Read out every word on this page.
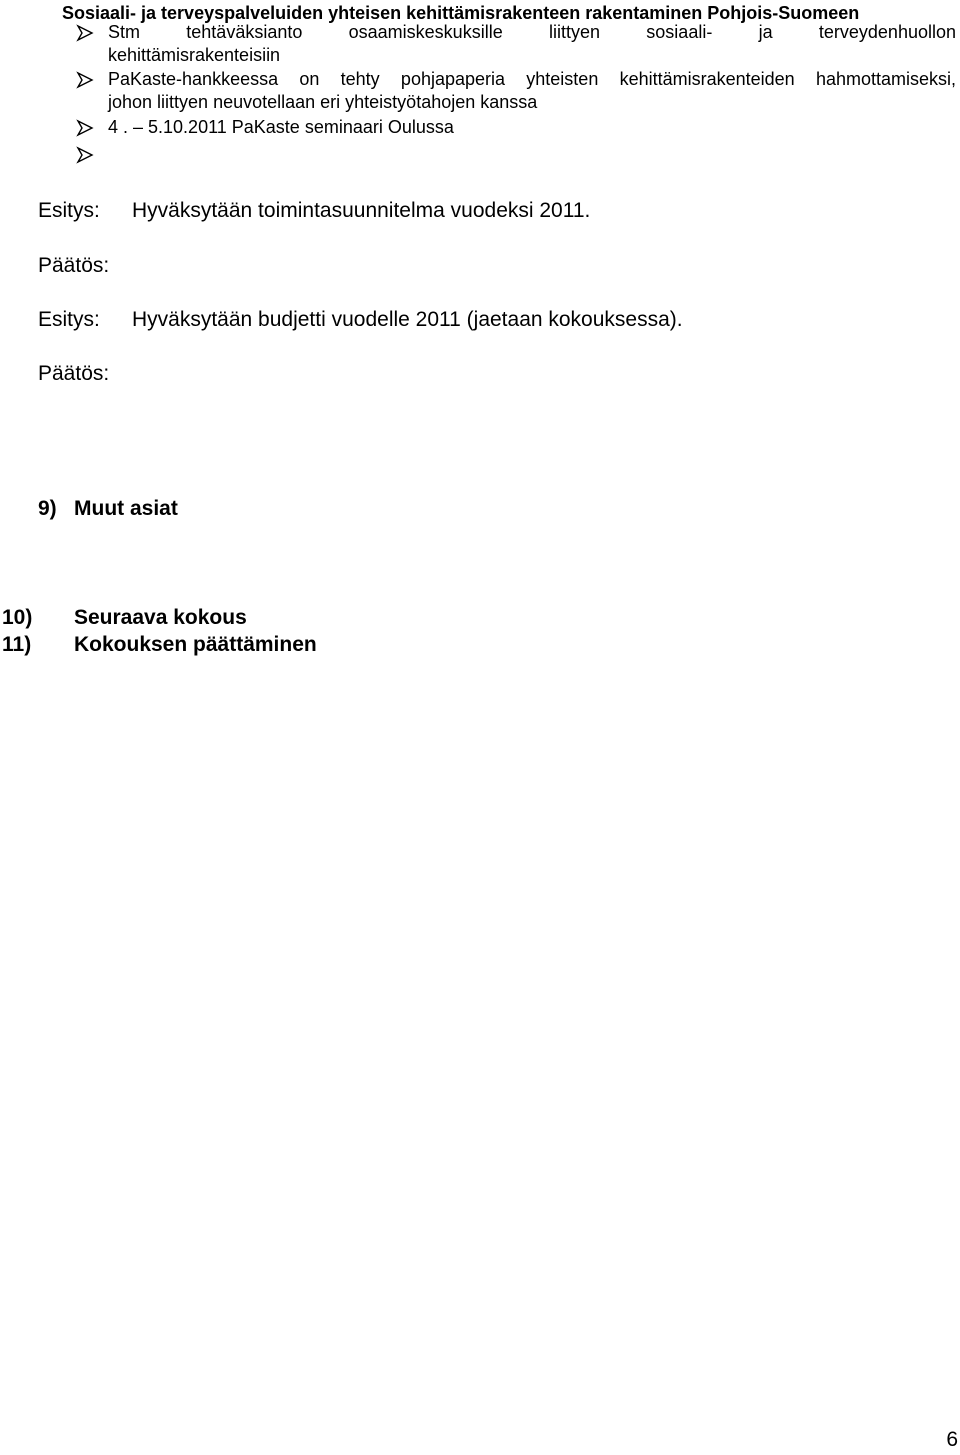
Sosiaali- ja terveyspalveluiden yhteisen kehittämisrakenteen rakentaminen Pohjois-Suomeen
Stm tehtäväksianto osaamiskeskuksille liittyen sosiaali- ja terveydenhuollon
kehittämisrakenteisiin
PaKaste-hankkeessa on tehty pohjapaperia yhteisten kehittämisrakenteiden hahmottamiseksi,
johon liittyen neuvotellaan eri yhteistyötahojen kanssa
4 . – 5.10.2011 PaKaste seminaari Oulussa
Esitys: Hyväksytään toimintasuunnitelma vuodeksi 2011.
Päätös:
Esitys: Hyväksytään budjetti vuodelle 2011 (jaetaan kokouksessa).
Päätös:
9) Muut asiat
10) Seuraava kokous
11) Kokouksen päättäminen
6
